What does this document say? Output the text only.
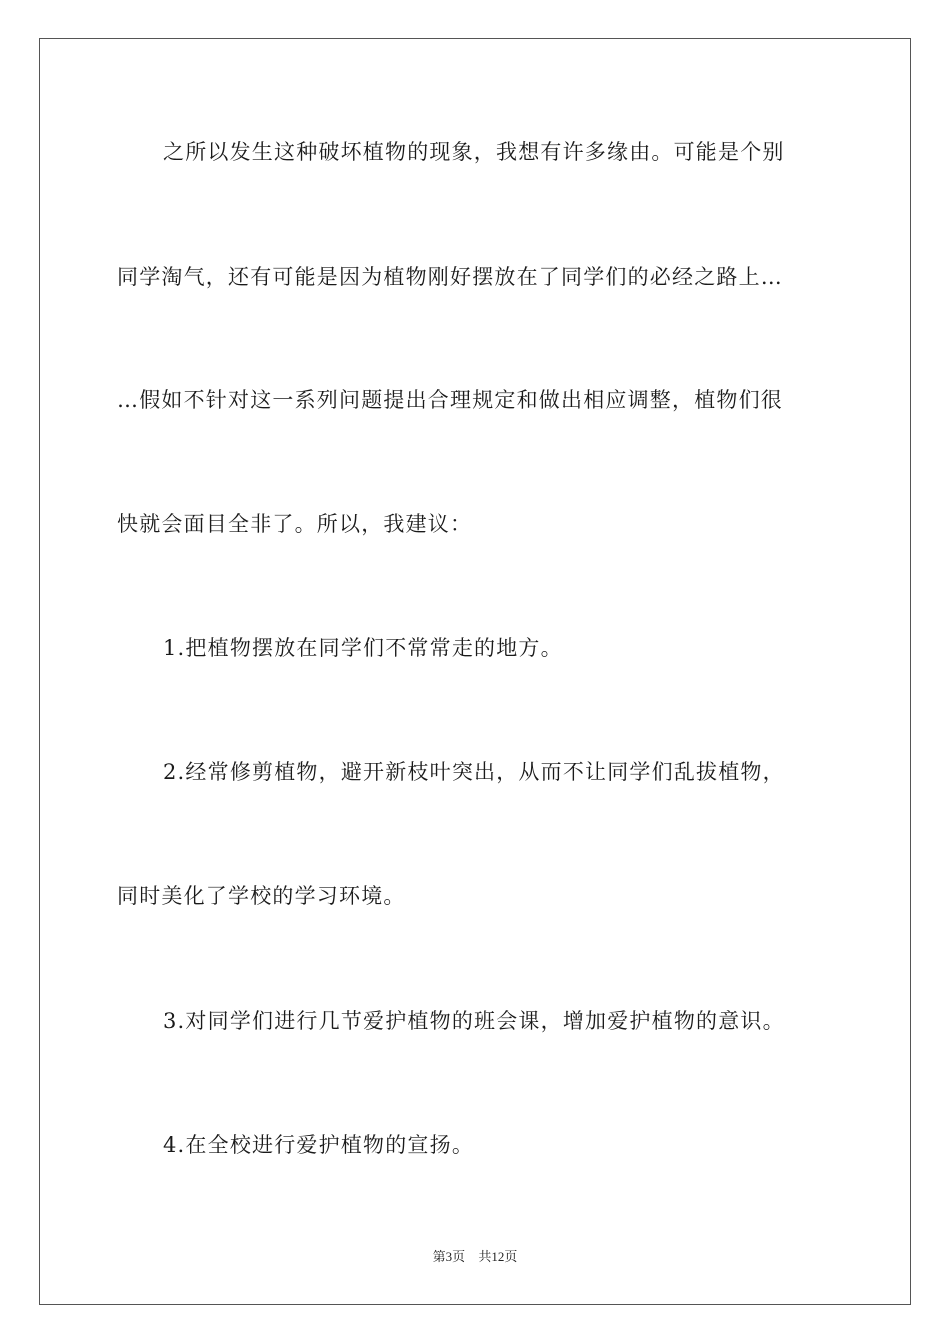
之所以发生这种破坏植物的现象，我想有许多缘由。可能是个别
同学淘气，还有可能是因为植物刚好摆放在了同学们的必经之路上…
…假如不针对这一系列问题提出合理规定和做出相应调整，植物们很
快就会面目全非了。所以，我建议：
1.把植物摆放在同学们不常常走的地方。
2.经常修剪植物，避开新枝叶突出，从而不让同学们乱拔植物，
同时美化了学校的学习环境。
3.对同学们进行几节爱护植物的班会课，增加爱护植物的意识。
4.在全校进行爱护植物的宣扬。
第3页 共12页
